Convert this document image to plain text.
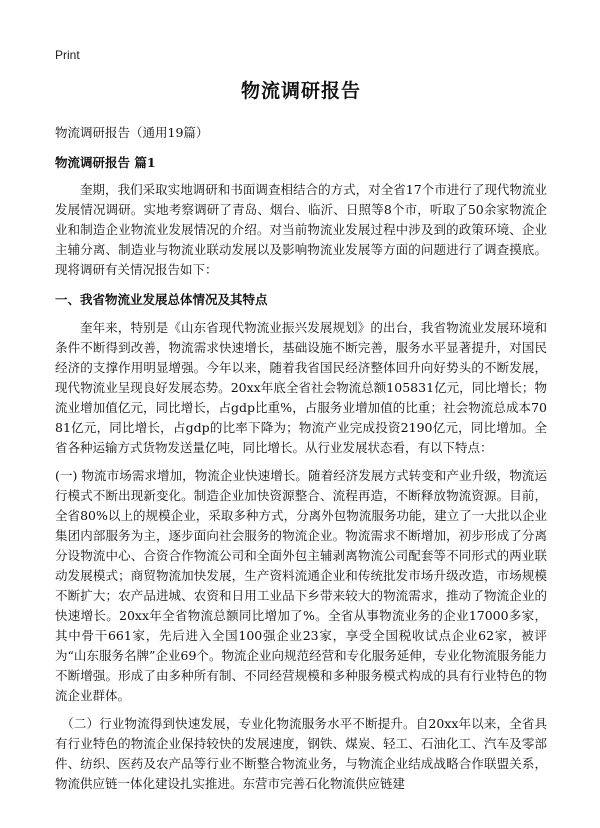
Print
物流调研报告
物流调研报告（通用19篇）
物流调研报告 篇1

奎期，我们采取实地调研和书面调查相结合的方式，对全省17个市进行了现代物流业发展情况调研。实地考察调研了青岛、烟台、临沂、日照等8个市，听取了50余家物流企业和制造企业物流业发展情况的介绍。对当前物流业发展过程中涉及到的政策环境、企业主辅分离、制造业与物流业联动发展以及影响物流业发展等方面的问题进行了调查摸底。现将调研有关情况报告如下：

一、我省物流业发展总体情况及其特点

奎年来，特别是《山东省现代物流业振兴发展规划》的出台，我省物流业发展环境和条件不断得到改善，物流需求快速增长，基础设施不断完善，服务水平显著提升，对国民经济的支撑作用明显增强。今年以来，随着我省国民经济整体回升向好势头的不断发展，现代物流业呈现良好发展态势。20xx年底全省社会物流总额105831亿元，同比增长；物流业增加值亿元，同比增长，占gdp比重%，占服务业增加值的比重；社会物流总成本7081亿元，同比增长，占gdp的比率下降为；物流产业完成投资2190亿元，同比增加。全省各种运输方式货物发送量亿吨，同比增长。从行业发展状态看，有以下特点：

(一) 物流市场需求增加，物流企业快速增长。随着经济发展方式转变和产业升级，物流运行模式不断出现新变化。制造企业加快资源整合、流程再造，不断释放物流资源。目前，全省80%以上的规模企业，采取多种方式，分离外包物流服务功能，建立了一大批以企业集团内部服务为主，逐步面向社会服务的物流企业。物流需求不断增加，初步形成了分离分设物流中心、合资合作物流公司和全面外包主辅剥离物流公司配套等不同形式的两业联动发展模式；商贸物流加快发展，生产资料流通企业和传统批发市场升级改造，市场规模不断扩大；农产品进城、农资和日用工业品下乡带来较大的物流需求，推动了物流企业的快速增长。20xx年全省物流总额同比增加了%。全省从事物流业务的企业17000多家，其中骨干661家，先后进入全国100强企业23家，享受全国税收试点企业62家，被评为“山东服务名牌”企业69个。物流企业向规范经营和专化服务延伸，专业化物流服务能力不断增强。形成了由多种所有制、不同经营规模和多种服务模式构成的具有行业特色的物流企业群体。

（二）行业物流得到快速发展，专业化物流服务水平不断提升。自20xx年以来，全省具有行业特色的物流企业保持较快的发展速度，钢铁、煤炭、轻工、石油化工、汽车及零部件、纺织、医药及农产品等行业不断整合物流业务，与物流企业结成战略合作联盟关系，物流供应链一体化建设扎实推进。东营市完善石化物流供应链建
